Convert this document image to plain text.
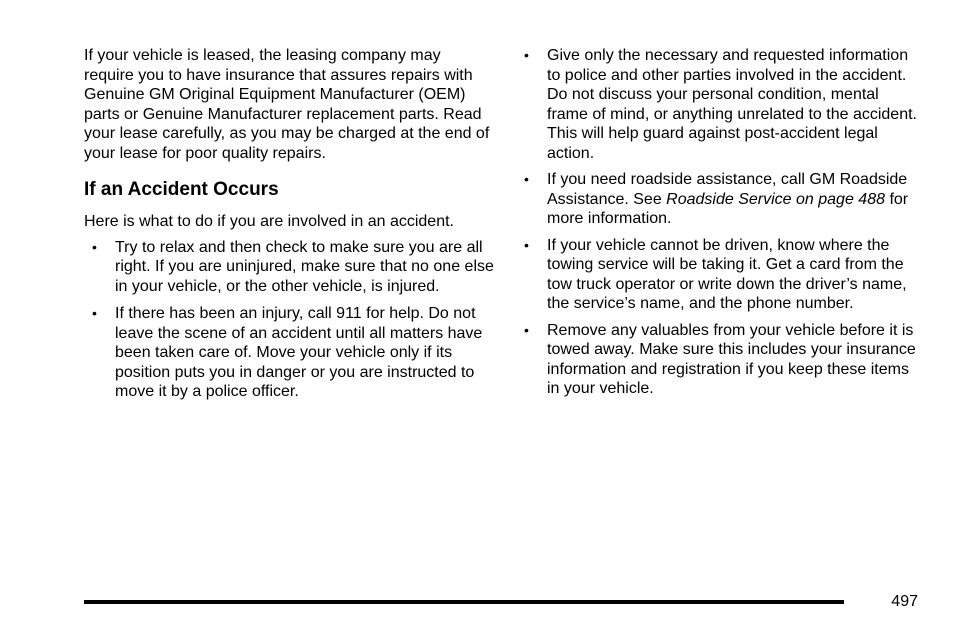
If your vehicle is leased, the leasing company may require you to have insurance that assures repairs with Genuine GM Original Equipment Manufacturer (OEM) parts or Genuine Manufacturer replacement parts. Read your lease carefully, as you may be charged at the end of your lease for poor quality repairs.

If an Accident Occurs

Here is what to do if you are involved in an accident.

• Try to relax and then check to make sure you are all right. If you are uninjured, make sure that no one else in your vehicle, or the other vehicle, is injured.
• If there has been an injury, call 911 for help. Do not leave the scene of an accident until all matters have been taken care of. Move your vehicle only if its position puts you in danger or you are instructed to move it by a police officer.
• Give only the necessary and requested information to police and other parties involved in the accident. Do not discuss your personal condition, mental frame of mind, or anything unrelated to the accident. This will help guard against post-accident legal action.
• If you need roadside assistance, call GM Roadside Assistance. See Roadside Service on page 488 for more information.
• If your vehicle cannot be driven, know where the towing service will be taking it. Get a card from the tow truck operator or write down the driver’s name, the service’s name, and the phone number.
• Remove any valuables from your vehicle before it is towed away. Make sure this includes your insurance information and registration if you keep these items in your vehicle.
497
